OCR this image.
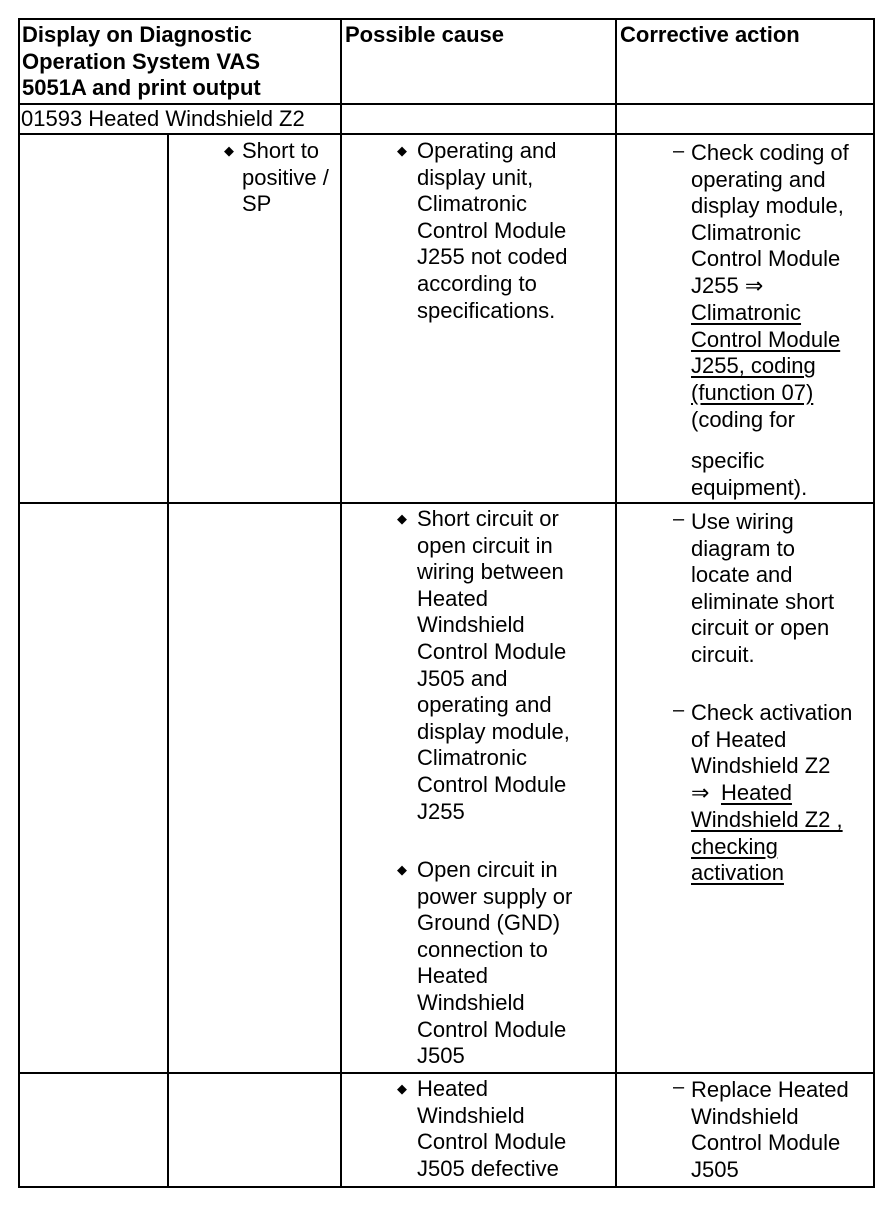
Display on Diagnostic
Operation System VAS
5051A and print output
Possible cause	Corrective action
01593 Heated Windshield Z2
◆ Short to
positive /
SP
◆ Operating and
display unit,
Climatronic
Control Module
J255 not coded
according to
specifications.
– Check coding of
operating and
display module,
Climatronic
Control Module
J255 ⇒
Climatronic
Control Module
J255, coding
(function 07)
(coding for
specific
equipment).
◆ Short circuit or
open circuit in
wiring between
Heated
Windshield
Control Module
J505 and
operating and
display module,
Climatronic
Control Module
J255
◆ Open circuit in
power supply or
Ground (GND)
connection to
Heated
Windshield
Control Module
J505
– Use wiring
diagram to
locate and
eliminate short
circuit or open
circuit.
– Check activation
of Heated
Windshield Z2
⇒ Heated
Windshield Z2 ,
checking
activation
◆ Heated
Windshield
Control Module
J505 defective
– Replace Heated
Windshield
Control Module
J505
